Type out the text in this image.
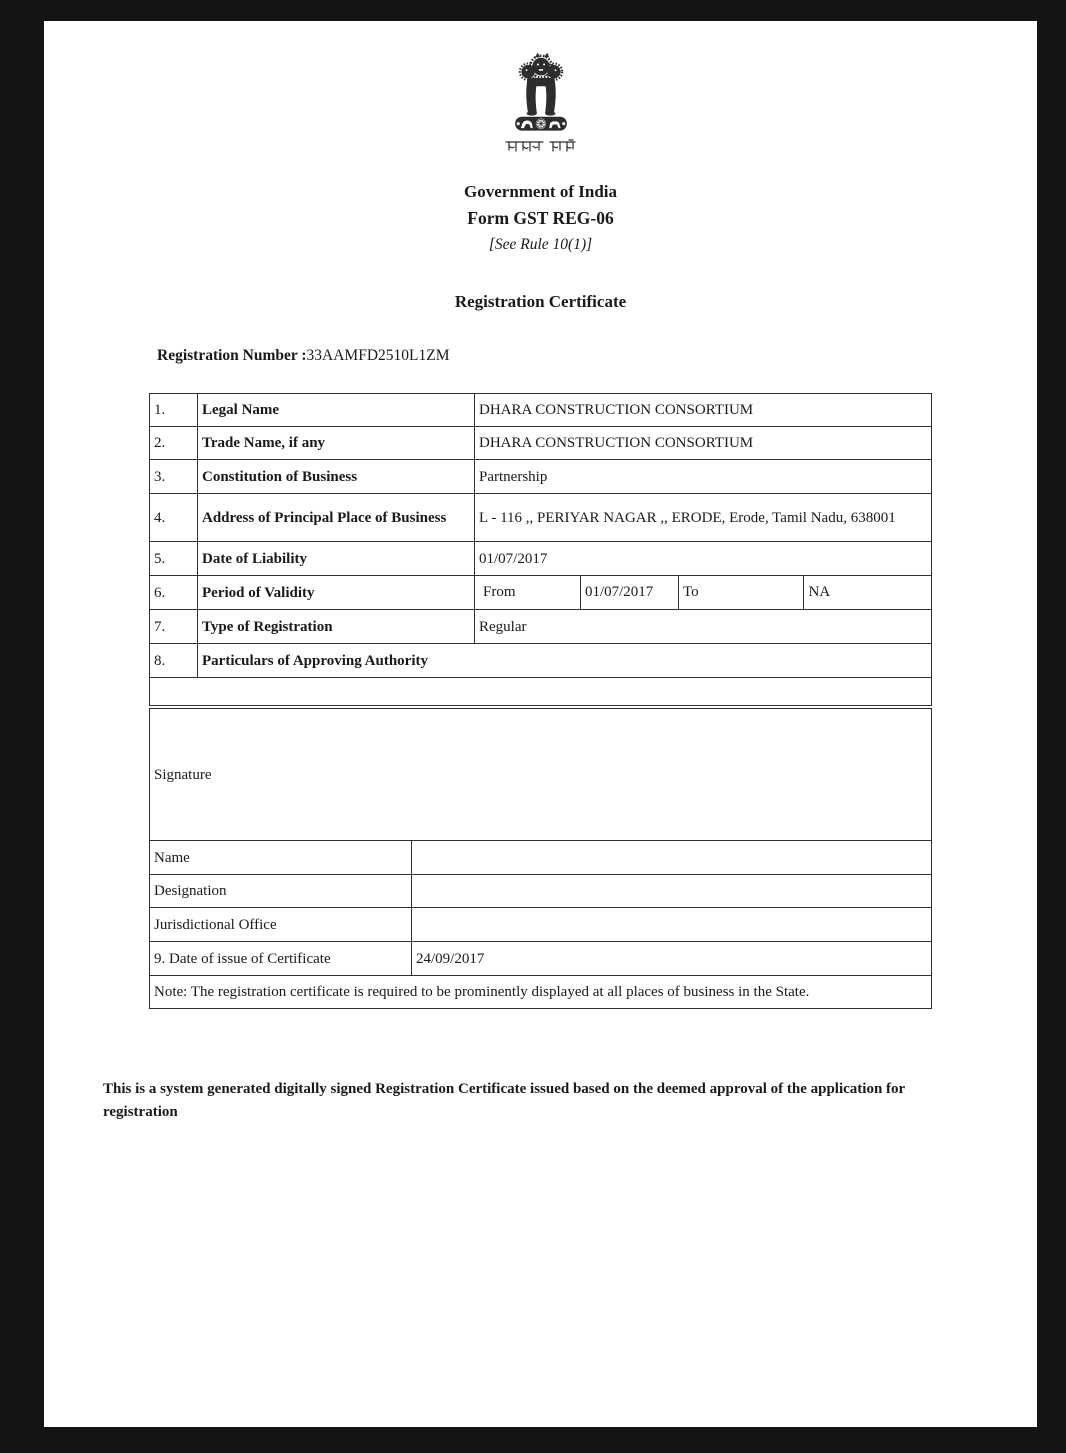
Government of India
Form GST REG-06
[See Rule 10(1)]
Registration Certificate
Registration Number :33AAMFD2510L1ZM
1.	Legal Name	DHARA CONSTRUCTION CONSORTIUM
2.	Trade Name, if any	DHARA CONSTRUCTION CONSORTIUM
3.	Constitution of Business	Partnership
4.	Address of Principal Place of Business	L - 116 ,, PERIYAR NAGAR ,, ERODE, Erode, Tamil Nadu, 638001
5.	Date of Liability	01/07/2017
6.	Period of Validity	From 01/07/2017 To NA

7.	Type of Registration	Regular
8.	Particulars of Approving Authority	

Signature	
Name	
Designation	
Jurisdictional Office	
9. Date of issue of Certificate	24/09/2017
Note: The registration certificate is required to be prominently displayed at all places of business in the State.	
This is a system generated digitally signed Registration Certificate issued based on the deemed approval of the application for registration
